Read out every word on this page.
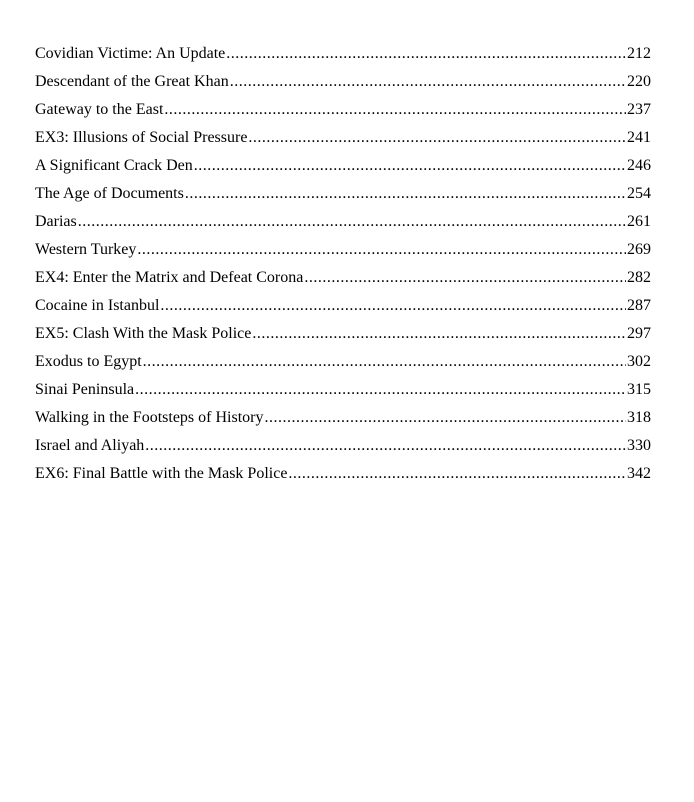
Covidian Victime: An Update .....	212
Descendant of the Great Khan .....	220
Gateway to the East .....	237
EX3: Illusions of Social Pressure .....	241
A Significant Crack Den .....	246
The Age of Documents .....	254
Darias .....	261
Western Turkey .....	269
EX4: Enter the Matrix and Defeat Corona .....	282
Cocaine in Istanbul .....	287
EX5: Clash With the Mask Police .....	297
Exodus to Egypt .....	302
Sinai Peninsula .....	315
Walking in the Footsteps of History .....	318
Israel and Aliyah .....	330
EX6: Final Battle with the Mask Police .....	342
